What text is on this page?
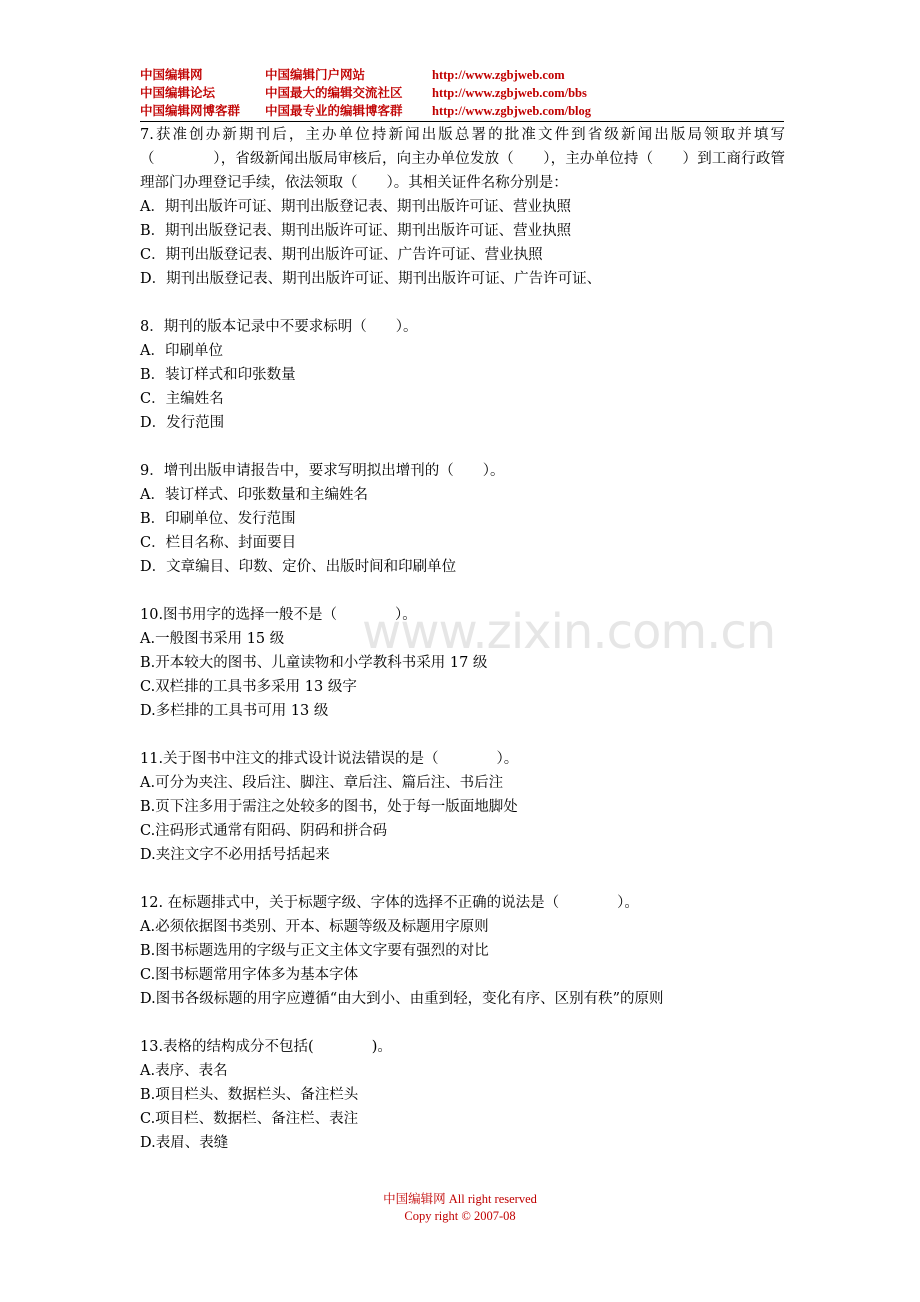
中国编辑网	中国编辑门户网站	http://www.zgbjweb.com
中国编辑论坛	中国最大的编辑交流社区	http://www.zgbjweb.com/bbs
中国编辑网博客群	中国最专业的编辑博客群	http://www.zgbjweb.com/blog
www.zixin.com.cn

7.获准创办新期刊后，主办单位持新闻出版总署的批准文件到省级新闻出版局领取并填写（　　　　），省级新闻出版局审核后，向主办单位发放（　　），主办单位持（　　）到工商行政管理部门办理登记手续，依法领取（　　）。其相关证件名称分别是：

A．期刊出版许可证、期刊出版登记表、期刊出版许可证、营业执照

B．期刊出版登记表、期刊出版许可证、期刊出版许可证、营业执照

C．期刊出版登记表、期刊出版许可证、广告许可证、营业执照

D．期刊出版登记表、期刊出版许可证、期刊出版许可证、广告许可证、

8．期刊的版本记录中不要求标明（　　）。

A．印刷单位

B．装订样式和印张数量

C．主编姓名

D．发行范围

9．增刊出版申请报告中，要求写明拟出增刊的（　　）。

A．装订样式、印张数量和主编姓名

B．印刷单位、发行范围

C．栏目名称、封面要目

D．文章编目、印数、定价、出版时间和印刷单位

10.图书用字的选择一般不是（　　　　）。

A.一般图书采用 15 级

B.开本较大的图书、儿童读物和小学教科书采用 17 级

C.双栏排的工具书多采用 13 级字

D.多栏排的工具书可用 13 级

11.关于图书中注文的排式设计说法错误的是（　　　　）。

A.可分为夹注、段后注、脚注、章后注、篇后注、书后注

B.页下注多用于需注之处较多的图书，处于每一版面地脚处

C.注码形式通常有阳码、阴码和拼合码

D.夹注文字不必用括号括起来

12. 在标题排式中，关于标题字级、字体的选择不正确的说法是（　　　　）。

A.必须依据图书类别、开本、标题等级及标题用字原则

B.图书标题选用的字级与正文主体文字要有强烈的对比

C.图书标题常用字体多为基本字体

D.图书各级标题的用字应遵循“由大到小、由重到轻，变化有序、区别有秩”的原则

13.表格的结构成分不包括(　　　　)。

A.表序、表名

B.项目栏头、数据栏头、备注栏头

C.项目栏、数据栏、备注栏、表注

D.表眉、表缝

中国编辑网 All right reserved
Copy right © 2007-08
